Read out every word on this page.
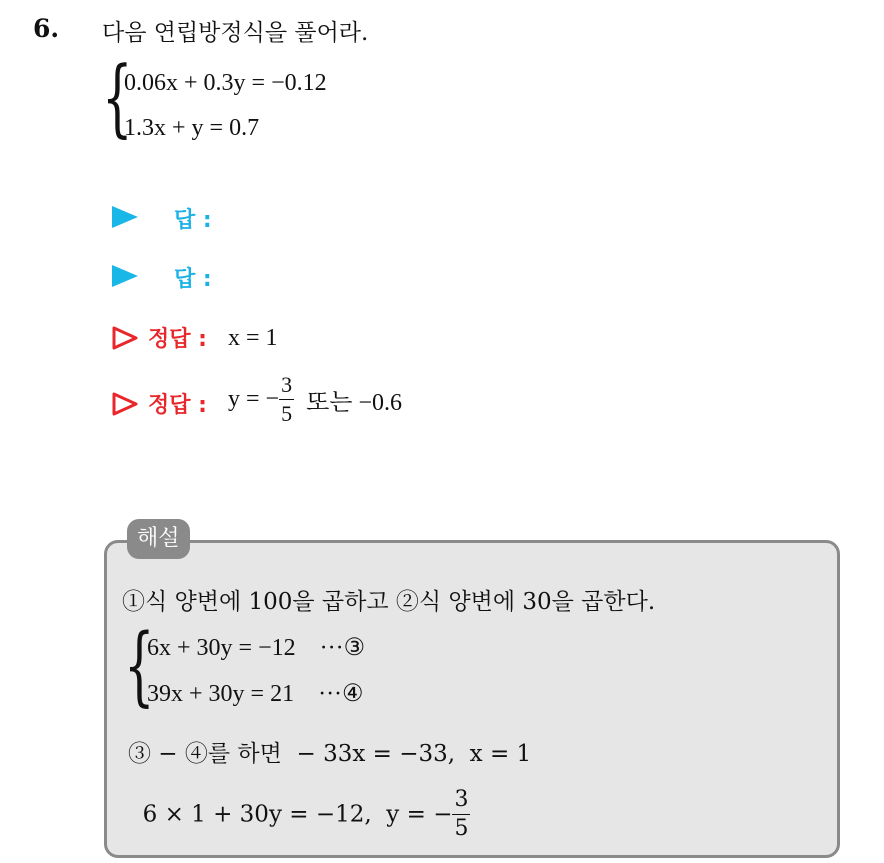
6. 다음 연립방정식을 풀어라.
{
0.06x + 0.3y = −0.12
1.3x + y = 0.7
답 :
답 :
정답 : x = 1
정답 : y = − $\frac{3}{5}$ 또는 −0.6
해설
①식 양변에 100을 곱하고 ②식 양변에 30을 곱한다.
{
6x + 30y = −12    ···③
39x + 30y = 21    ···④
③ − ④를 하면  − 33x = −33,  x = 1

6 × 1 + 30y = −12,  y = − $\frac{3}{5}$
